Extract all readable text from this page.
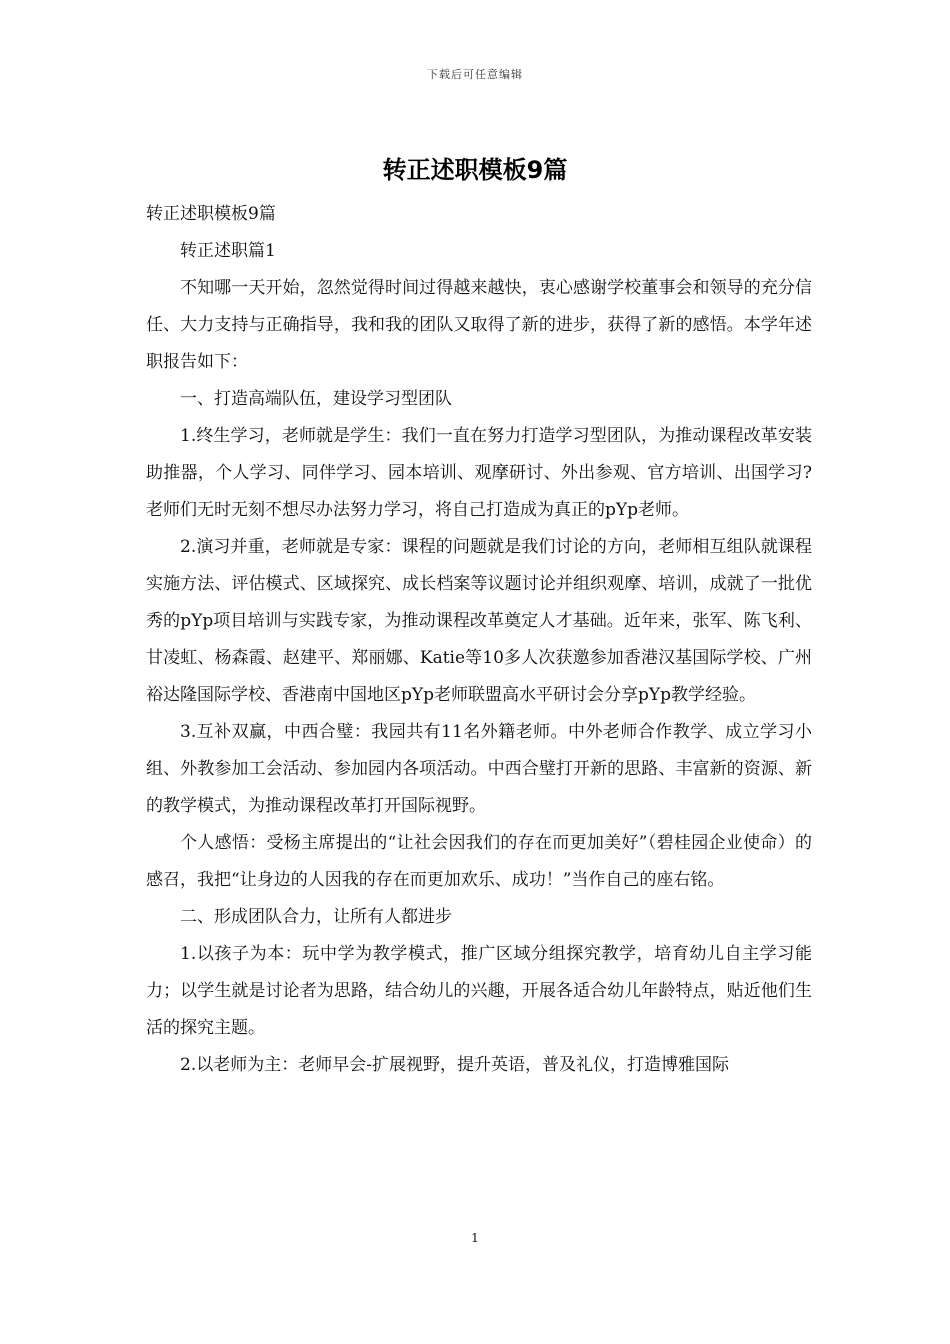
下载后可任意编辑
转正述职模板9篇

转正述职模板9篇

转正述职篇1

不知哪一天开始，忽然觉得时间过得越来越快，衷心感谢学校董事会和领导的充分信任、大力支持与正确指导，我和我的团队又取得了新的进步，获得了新的感悟。本学年述职报告如下：

一、打造高端队伍，建设学习型团队

1.终生学习，老师就是学生：我们一直在努力打造学习型团队，为推动课程改革安装助推器，个人学习、同伴学习、园本培训、观摩研讨、外出参观、官方培训、出国学习?老师们无时无刻不想尽办法努力学习，将自己打造成为真正的pYp老师。

2.演习并重，老师就是专家：课程的问题就是我们讨论的方向，老师相互组队就课程实施方法、评估模式、区域探究、成长档案等议题讨论并组织观摩、培训，成就了一批优秀的pYp项目培训与实践专家，为推动课程改革奠定人才基础。近年来，张军、陈飞利、甘凌虹、杨森霞、赵建平、郑丽娜、Katie等10多人次获邀参加香港汉基国际学校、广州裕达隆国际学校、香港南中国地区pYp老师联盟高水平研讨会分享pYp教学经验。

3.互补双赢，中西合璧：我园共有11名外籍老师。中外老师合作教学、成立学习小组、外教参加工会活动、参加园内各项活动。中西合璧打开新的思路、丰富新的资源、新的教学模式，为推动课程改革打开国际视野。

个人感悟：受杨主席提出的“让社会因我们的存在而更加美好”（碧桂园企业使命）的感召，我把“让身边的人因我的存在而更加欢乐、成功！”当作自己的座右铭。

二、形成团队合力，让所有人都进步

1.以孩子为本：玩中学为教学模式，推广区域分组探究教学，培育幼儿自主学习能力；以学生就是讨论者为思路，结合幼儿的兴趣，开展各适合幼儿年龄特点，贴近他们生活的探究主题。

2.以老师为主：老师早会-扩展视野，提升英语，普及礼仪，打造博雅国际

1
